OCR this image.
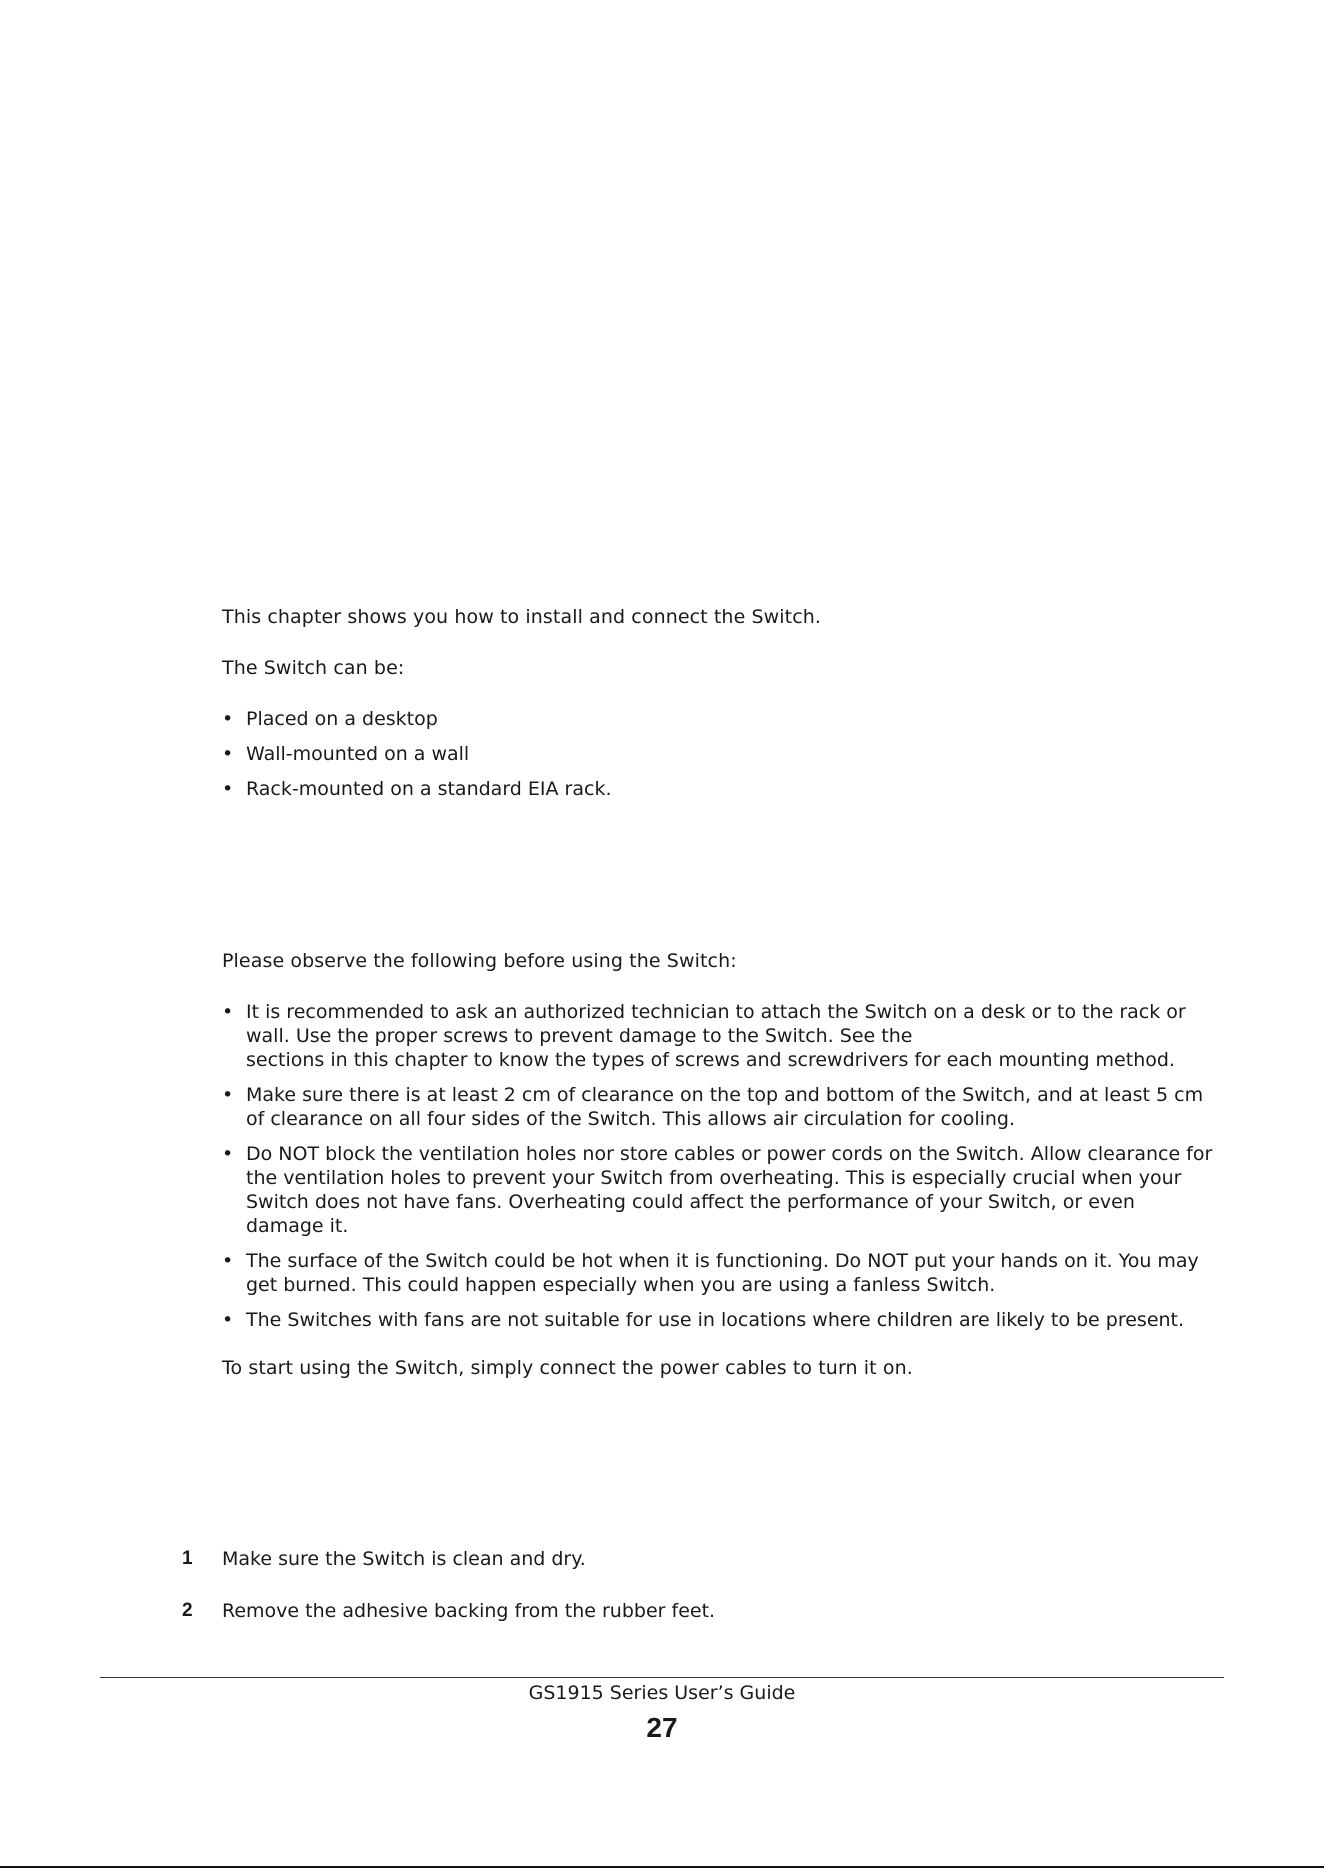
This chapter shows you how to install and connect the Switch.

The Switch can be:

• Placed on a desktop
• Wall-mounted on a wall
• Rack-mounted on a standard EIA rack.

Please observe the following before using the Switch:

• It is recommended to ask an authorized technician to attach the Switch on a desk or to the rack or
wall. Use the proper screws to prevent damage to the Switch. See the
sections in this chapter to know the types of screws and screwdrivers for each mounting method.
• Make sure there is at least 2 cm of clearance on the top and bottom of the Switch, and at least 5 cm
of clearance on all four sides of the Switch. This allows air circulation for cooling.
• Do NOT block the ventilation holes nor store cables or power cords on the Switch. Allow clearance for
the ventilation holes to prevent your Switch from overheating. This is especially crucial when your
Switch does not have fans. Overheating could affect the performance of your Switch, or even
damage it.
• The surface of the Switch could be hot when it is functioning. Do NOT put your hands on it. You may
get burned. This could happen especially when you are using a fanless Switch.
• The Switches with fans are not suitable for use in locations where children are likely to be present.

To start using the Switch, simply connect the power cables to turn it on.

1 Make sure the Switch is clean and dry.
2 Remove the adhesive backing from the rubber feet.
GS1915 Series User’s Guide
27
